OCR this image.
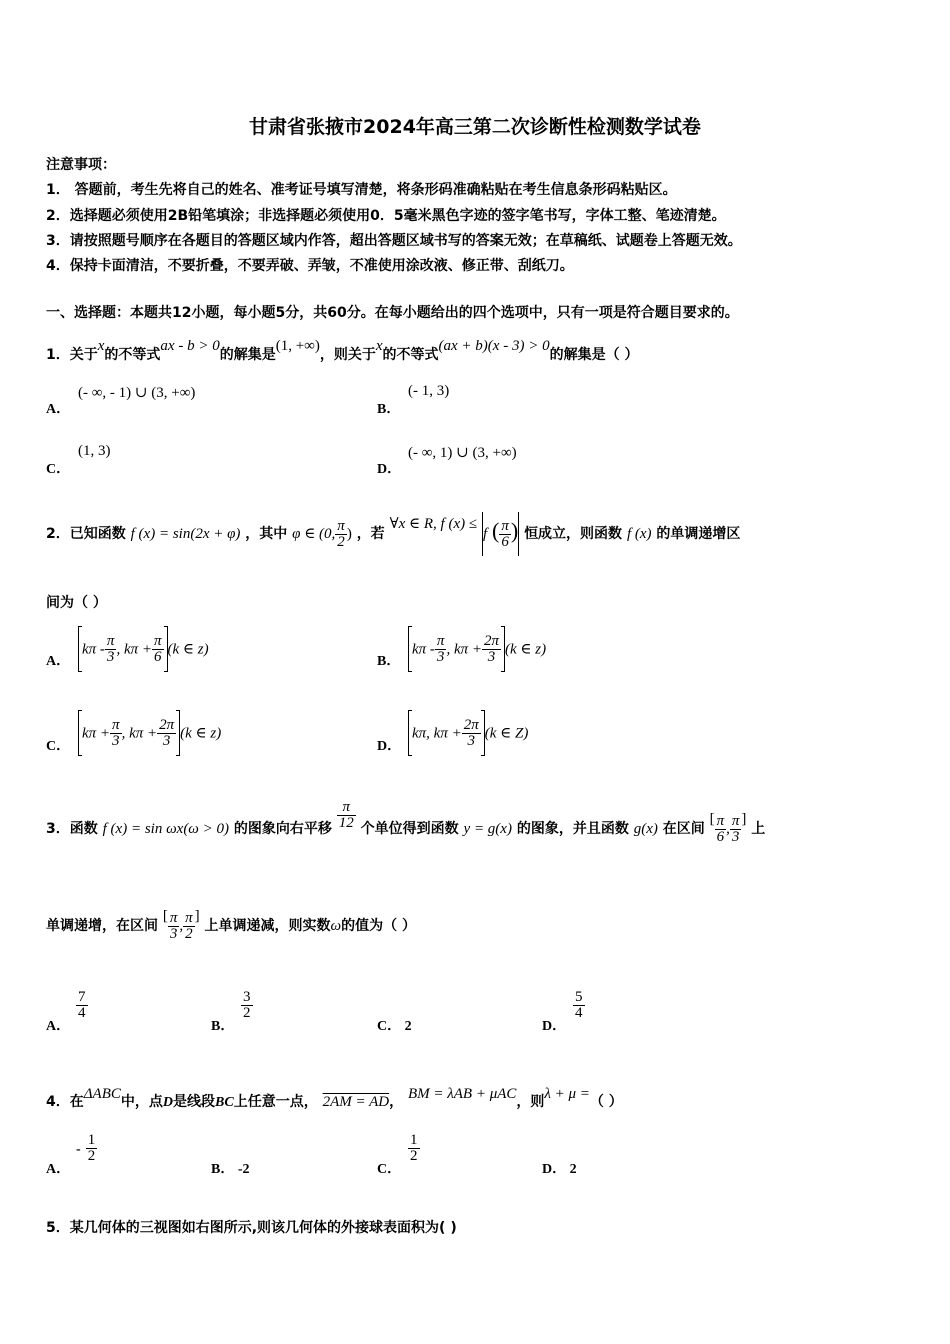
甘肃省张掖市2024年高三第二次诊断性检测数学试卷
注意事项：
1． 答题前，考生先将自己的姓名、准考证号填写清楚，将条形码准确粘贴在考生信息条形码粘贴区。
2．选择题必须使用2B铅笔填涂；非选择题必须使用0．5毫米黑色字迹的签字笔书写，字体工整、笔迹清楚。
3．请按照题号顺序在各题目的答题区域内作答，超出答题区域书写的答案无效；在草稿纸、试题卷上答题无效。
4．保持卡面清洁，不要折叠，不要弄破、弄皱，不准使用涂改液、修正带、刮纸刀。
一、选择题：本题共12小题，每小题5分，共60分。在每小题给出的四个选项中，只有一项是符合题目要求的。
1．关于x的不等式ax - b > 0的解集是(1, +∞)，则关于x的不等式(ax + b)(x - 3) > 0的解集是（ ）
A．
(- ∞, - 1) ∪ (3, +∞)
B．
(- 1, 3)
C．
(1, 3)
D．
(- ∞, 1) ∪ (3, +∞)
2．已知函数 f (x) = sin(2x + φ) ，其中 φ ∈ (0, $\frac{\pi}{2}$ ) ，若 ∀x ∈ R, f (x) ≤ f ( $\frac{\pi}{6}$ ) 恒成立，则函数 f (x) 的单调递增区
间为（ ）
A．
kπ - $\frac{\pi}{3}$ , $k\pi + \frac{\pi}{6} (k$ ∈ z)
B．
kπ - $\frac{\pi}{3}$ , $k\pi + \frac{2\pi}{3} (k$ ∈ z)
C．
$k\pi + \frac{\pi}{3}$ , $k\pi + \frac{2\pi}{3} (k$ ∈ z)
D．
kπ, $k\pi + \frac{2\pi}{3} (k$ ∈ Z)
3．函数 f (x) = sin ωx(ω > 0) 的图象向右平移 $\frac{\pi}{12}$ 个单位得到函数 y = g(x) 的图象，并且函数 g(x) 在区间 [ $\frac{\pi}{6}$ , $\frac{\pi}{3}$ ] 上
单调递增，在区间 [ $\frac{\pi}{3}$ , $\frac{\pi}{2}$ ] 上单调递减，则实数ω的值为（ ）
A．
$\frac{7}{4}$
B．
$\frac{3}{2}$
C． 2	D．
$\frac{5}{4}$
4．在ΔABC中，点D是线段BC上任意一点， 2AM = AD， BM = λAB + μAC，则λ + μ =（ ）
A．
- $\frac{1}{2}$
B． -2	C．
$\frac{1}{2}$
D． 2
5．某几何体的三视图如右图所示,则该几何体的外接球表面积为( )
